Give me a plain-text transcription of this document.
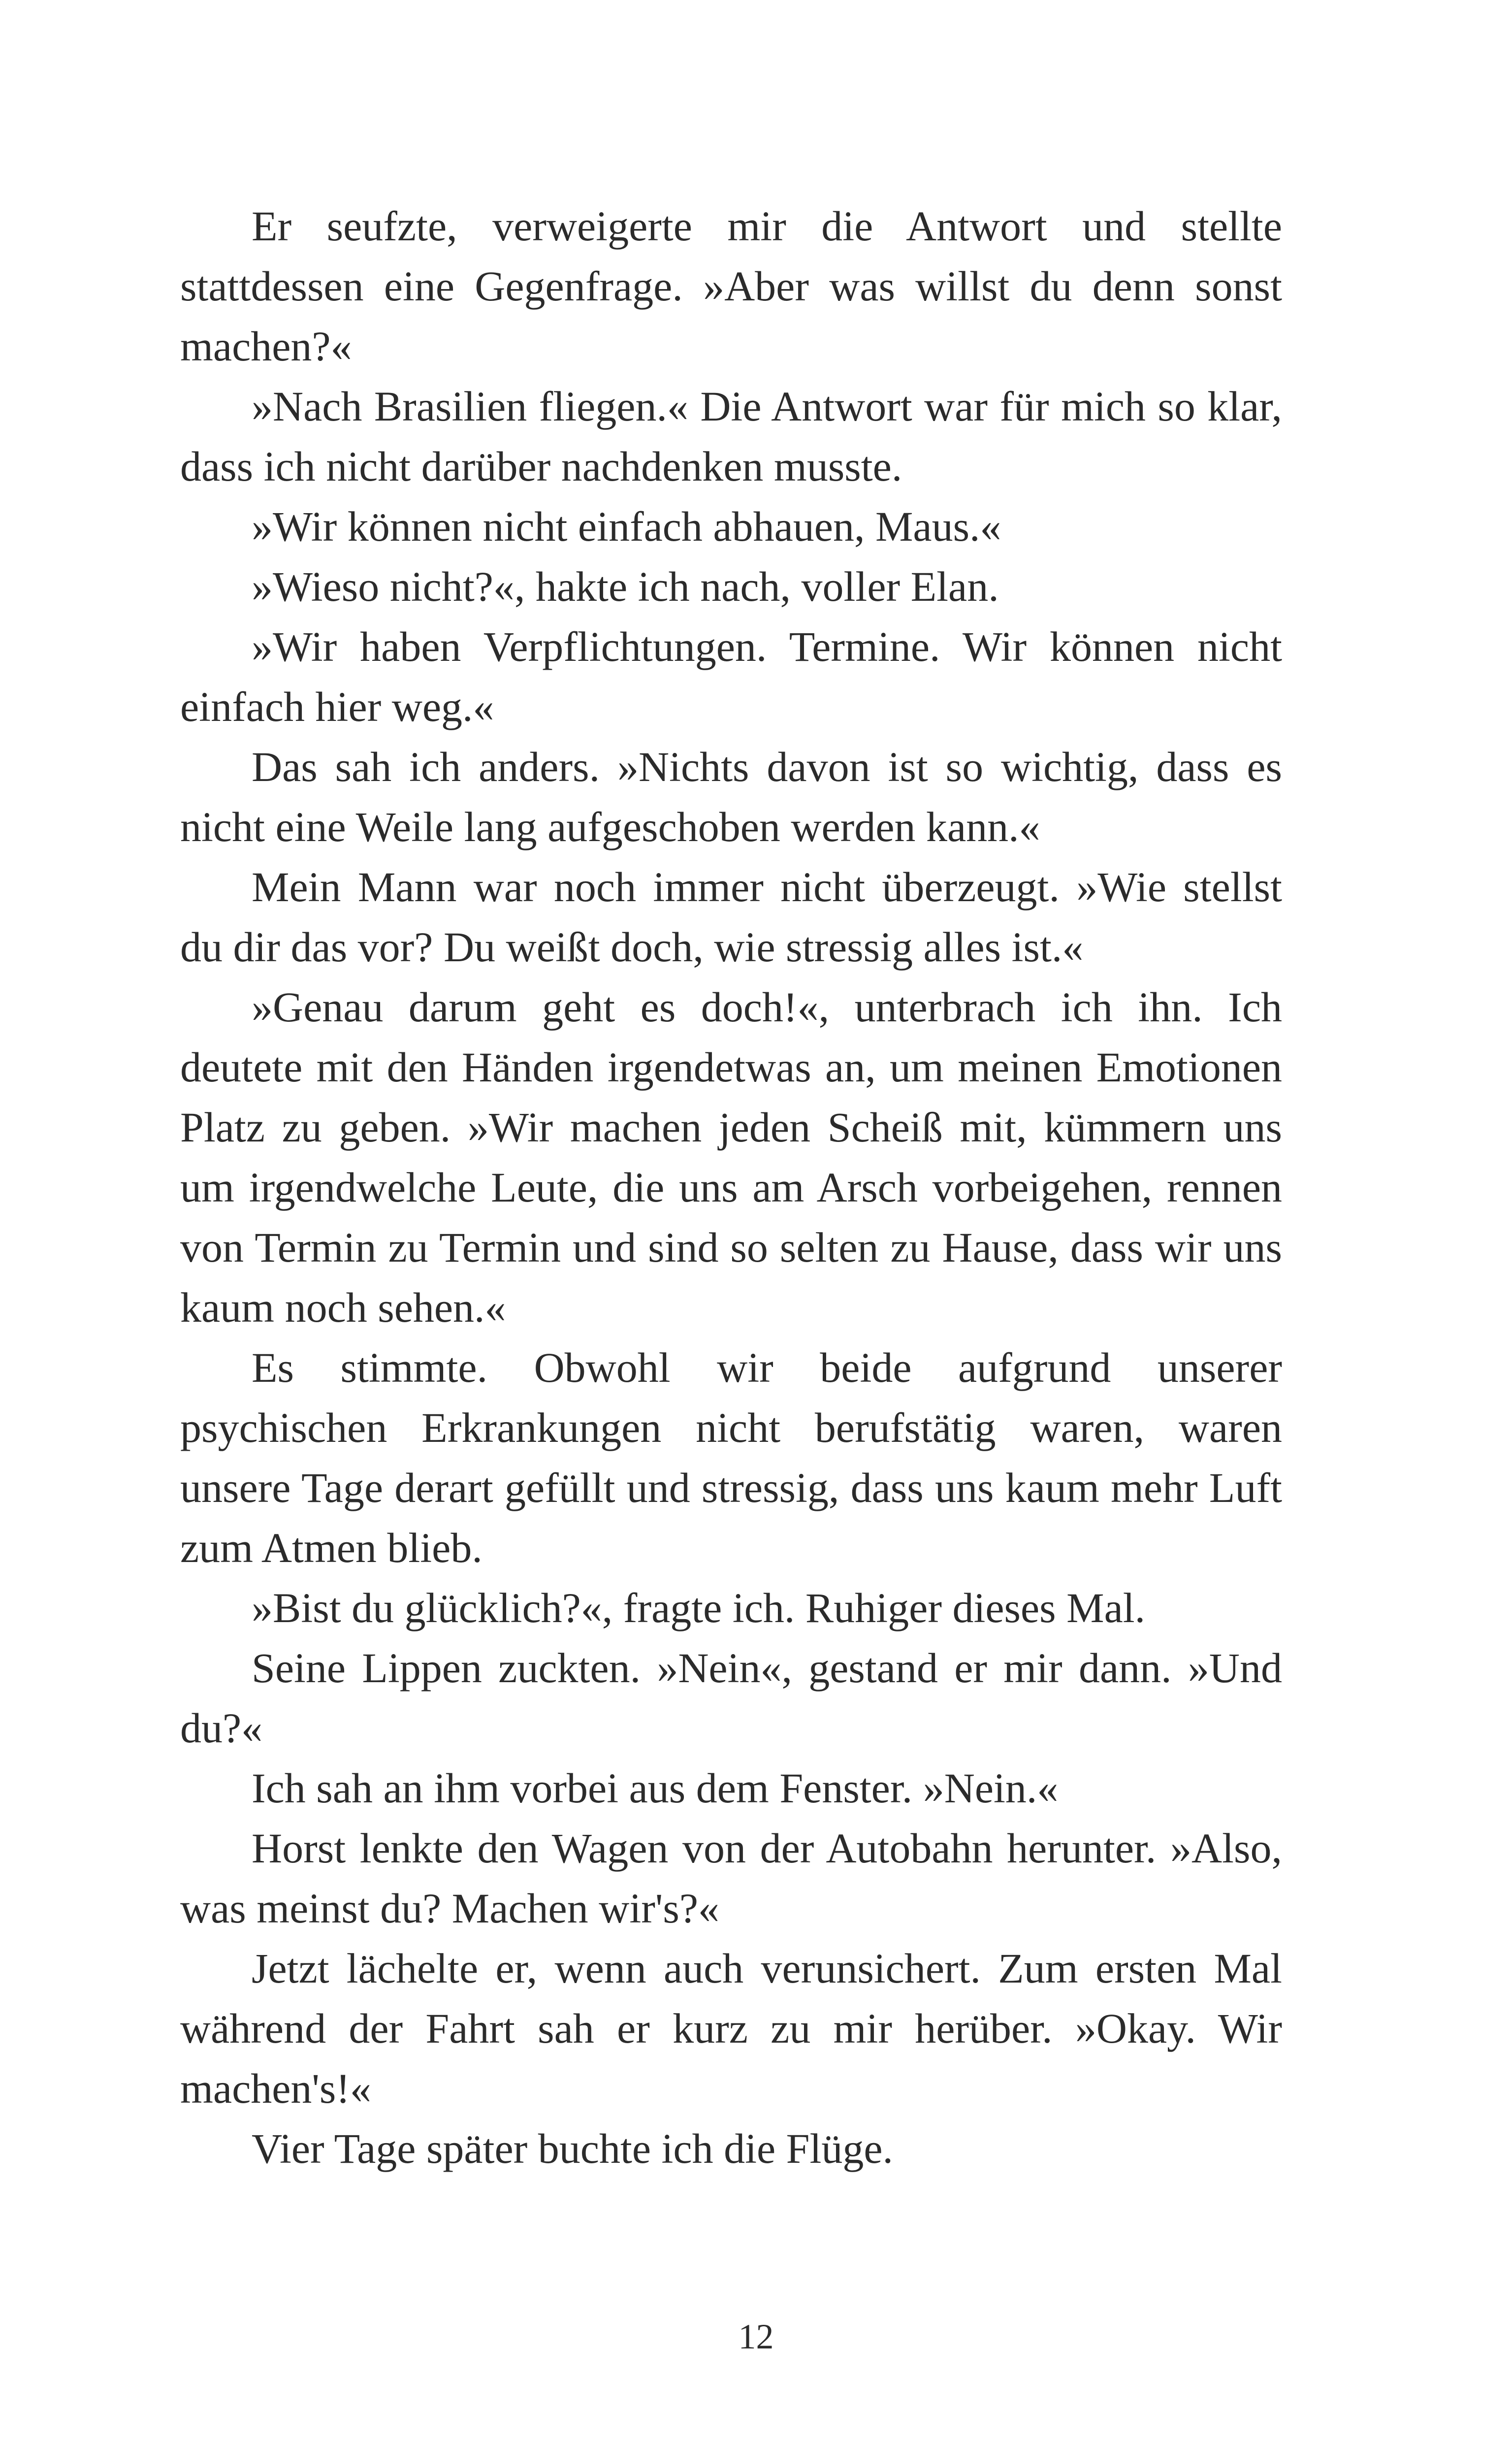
Er seufzte, verweigerte mir die Antwort und stellte stattdessen eine Gegenfrage. »Aber was willst du denn sonst machen?«

»Nach Brasilien fliegen.« Die Antwort war für mich so klar, dass ich nicht darüber nachdenken musste.

»Wir können nicht einfach abhauen, Maus.«

»Wieso nicht?«, hakte ich nach, voller Elan.

»Wir haben Verpflichtungen. Termine. Wir können nicht einfach hier weg.«

Das sah ich anders. »Nichts davon ist so wichtig, dass es nicht eine Weile lang aufgeschoben werden kann.«

Mein Mann war noch immer nicht überzeugt. »Wie stellst du dir das vor? Du weißt doch, wie stressig alles ist.«

»Genau darum geht es doch!«, unterbrach ich ihn. Ich deutete mit den Händen irgendetwas an, um meinen Emotionen Platz zu geben. »Wir machen jeden Scheiß mit, kümmern uns um irgendwelche Leute, die uns am Arsch vorbeigehen, rennen von Termin zu Termin und sind so selten zu Hause, dass wir uns kaum noch sehen.«

Es stimmte. Obwohl wir beide aufgrund unserer psychischen Erkrankungen nicht berufstätig waren, waren unsere Tage derart gefüllt und stressig, dass uns kaum mehr Luft zum Atmen blieb.

»Bist du glücklich?«, fragte ich. Ruhiger dieses Mal.

Seine Lippen zuckten. »Nein«, gestand er mir dann. »Und du?«

Ich sah an ihm vorbei aus dem Fenster. »Nein.«

Horst lenkte den Wagen von der Autobahn herunter. »Also, was meinst du? Machen wir's?«

Jetzt lächelte er, wenn auch verunsichert. Zum ersten Mal während der Fahrt sah er kurz zu mir herüber. »Okay. Wir machen's!«

Vier Tage später buchte ich die Flüge.

12
